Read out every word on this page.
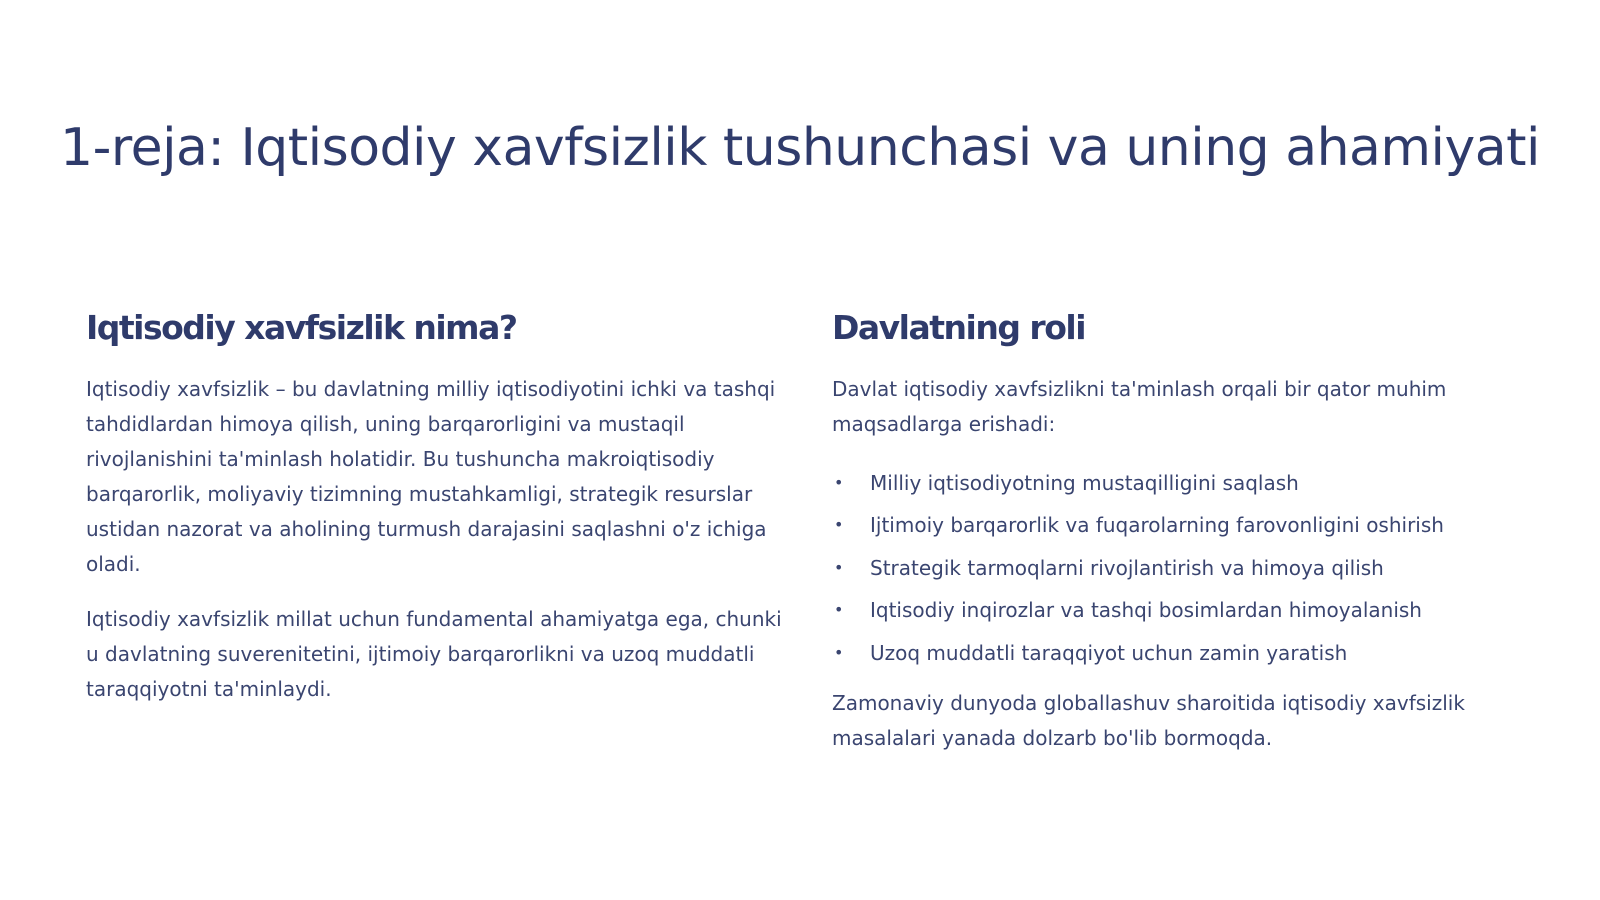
1-reja: Iqtisodiy xavfsizlik tushunchasi va uning ahamiyati
Iqtisodiy xavfsizlik nima?

Iqtisodiy xavfsizlik – bu davlatning milliy iqtisodiyotini ichki va tashqi tahdidlardan himoya qilish, uning barqarorligini va mustaqil rivojlanishini ta'minlash holatidir. Bu tushuncha makroiqtisodiy barqarorlik, moliyaviy tizimning mustahkamligi, strategik resurslar ustidan nazorat va aholining turmush darajasini saqlashni o'z ichiga oladi.

Iqtisodiy xavfsizlik millat uchun fundamental ahamiyatga ega, chunki u davlatning suverenitetini, ijtimoiy barqarorlikni va uzoq muddatli taraqqiyotni ta'minlaydi.

Davlatning roli

Davlat iqtisodiy xavfsizlikni ta'minlash orqali bir qator muhim maqsadlarga erishadi:

• Milliy iqtisodiyotning mustaqilligini saqlash
• Ijtimoiy barqarorlik va fuqarolarning farovonligini oshirish
• Strategik tarmoqlarni rivojlantirish va himoya qilish
• Iqtisodiy inqirozlar va tashqi bosimlardan himoyalanish
• Uzoq muddatli taraqqiyot uchun zamin yaratish

Zamonaviy dunyoda globallashuv sharoitida iqtisodiy xavfsizlik masalalari yanada dolzarb bo'lib bormoqda.
